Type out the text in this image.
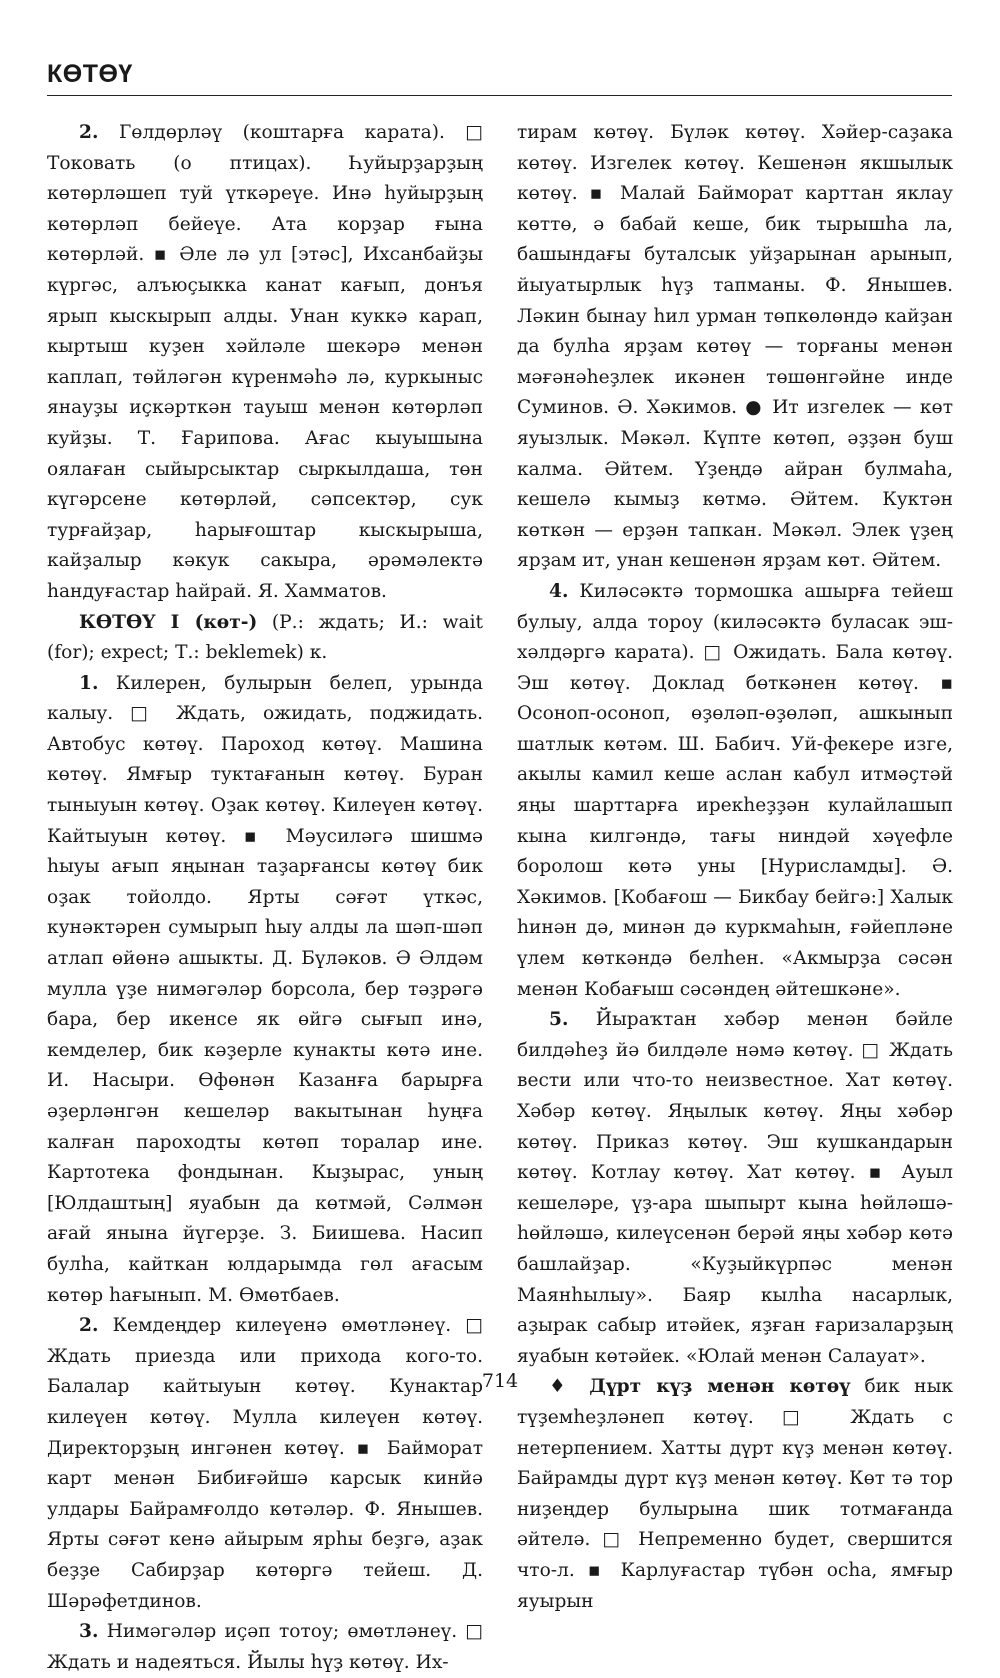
КӨТӨҮ

2. Гөлдөрләү (коштарға карата). □ Токовать (о птицах). Һуйырҙарҙың көтөрләшеп туй үткәреүе. Инә һуйырҙың көтөрләп бейеүе. Ата корҙар ғына көтөрләй. ▪ Әле лә ул [этәс], Ихсанбайҙы күргәс, алъюҫыкка канат кағып, донъя ярып кыскырып алды. Унан куккә карап, кыртыш куҙен хәйләле шекәрә менән каплап, төйләгән күренмәһә лә, куркыныс янауҙы иҫкәрткән тауыш менән көтөрләп куйҙы. Т. Ғарипова. Ағас кыуышына оялаған сыйырсыктар сыркылдаша, төн күгәрсене көтөрләй, сәпсектәр, сук турғайҙар, һарығоштар кыскырыша, кайҙалыр кәкук сакыра, әрәмәлектә һандуғастар һайрай. Я. Хамматов.

КӨТӨҮ I (көт-) (Р.: ждать; И.: wait (for); expect; Т.: beklemek) к.

1. Килерен, булырын белеп, урында калыу. □ Ждать, ожидать, поджидать. Автобус көтөү. Пароход көтөү. Машина көтөү. Ямғыр туктағанын көтөү. Буран тыныуын көтөү. Оҙак көтөү. Килеүен көтөү. Кайтыуын көтөү. ▪ Мәусиләгә шишмә һыуы ағып яңынан таҙарғансы көтөү бик оҙак тойолдо. Ярты сәғәт үткәс, кунәктәрен сумырып һыу алды ла шәп-шәп атлап өйөнә ашыкты. Д. Бүләков. Ә Әлдәм мулла үҙе нимәгәләр борсола, бер тәҙрәгә бара, бер икенсе як өйгә сығып инә, кемделер, бик кәҙерле кунакты көтә ине. И. Насыри. Өфөнән Казанға барырға әҙерләнгән кешеләр вакытынан һуңға калған пароходты көтөп торалар ине. Картотека фондынан. Кыҙырас, уның [Юлдаштың] яуабын да көтмәй, Сәлмән ағай янына йүгерҙе. З. Биишева. Насип булһа, кайткан юлдарымда гөл ағасым көтөр һағынып. М. Өмөтбаев.

2. Кемдеңдер килеүенә өмөтләнеү. □ Ждать приезда или прихода кого-то. Балалар кайтыуын көтөү. Кунактар килеүен көтөү. Мулла килеүен көтөү. Директорҙың ингәнен көтөү. ▪ Байморат карт менән Бибиғәйшә карсык кинйә улдары Байрамғолдо көтәләр. Ф. Янышев. Ярты сәғәт кенә айырым ярһы беҙгә, аҙак беҙҙе Сабирҙар көтөргә тейеш. Д. Шәрәфетдинов.

3. Нимәгәләр иҫәп тотоу; өмөтләнеү. □ Ждать и надеяться. Йылы һүҙ көтөү. Их-

тирам көтөү. Бүләк көтөү. Хәйер-саҙака көтөү. Изгелек көтөү. Кешенән якшылык көтөү. ▪ Малай Байморат карттан яклау көттө, ә бабай кеше, бик тырышһа ла, башындағы буталсык уйҙарынан арынып, йыуатырлык һүҙ тапманы. Ф. Янышев. Ләкин бынау һил урман төпкөлөндә кайҙан да булһа ярҙам көтөү — торғаны менән мәғәнәһеҙлек икәнен төшөнгәйне инде Суминов. Ә. Хәкимов. ● Ит изгелек — көт яуызлык. Мәкәл. Күпте көтөп, әҙҙән буш калма. Әйтем. Үҙеңдә айран булмаһа, кешелә кымыҙ көтмә. Әйтем. Куктән көткән — ерҙән тапкан. Мәкәл. Элек үҙең ярҙам ит, унан кешенән ярҙам көт. Әйтем.

4. Киләсәктә тормошка ашырға тейеш булыу, алда тороу (киләсәктә буласак эш-хәлдәргә карата). □ Ожидать. Бала көтөү. Эш көтөү. Доклад бөткәнен көтөү. ▪ Осоноп-осоноп, өҙөләп-өҙөләп, ашкынып шатлык көтәм. Ш. Бабич. Уй-фекере изге, акылы камил кеше аслан кабул итмәҫтәй яңы шарттарға ирекһеҙҙән кулайлашып кына килгәндә, тағы ниндәй хәүефле боролош көтә уны [Нурисламды]. Ә. Хәкимов. [Кобағош — Бикбау бейгә:] Халык һинән дә, минән дә куркмаһын, ғәйепләне үлем көткәндә белһен. «Акмырҙа сәсән менән Кобағыш сәсәндең әйтешкәне».

5. Йыраҡтан хәбәр менән бәйле билдәһеҙ йә билдәле нәмә көтөү. □ Ждать вести или что-то неизвестное. Хат көтөү. Хәбәр көтөү. Яңылык көтөү. Яңы хәбәр көтөү. Приказ көтөү. Эш кушкандарын көтөү. Котлау көтөү. Хат көтөү. ▪ Ауыл кешеләре, үҙ-ара шыпырт кына һөйләшә-һөйләшә, килеүсенән берәй яңы хәбәр көтә башлайҙар. «Куҙыйкүрпәс менән Маянһылыу». Баяр кылһа насарлык, аҙырак сабыр итәйек, яҙған ғаризаларҙың яуабын көтәйек. «Юлай менән Салауат».

♦ Дүрт күҙ менән көтөү бик нык түҙемһеҙләнеп көтөү. □ Ждать с нетерпением. Хатты дүрт күҙ менән көтөү. Байрамды дүрт күҙ менән көтөү. Көт тә тор ниҙеңдер булырына шик тотмағанда әйтелә. □ Непременно будет, свершится что-л. ▪ Карлуғастар түбән осһа, ямғыр яуырын

714
